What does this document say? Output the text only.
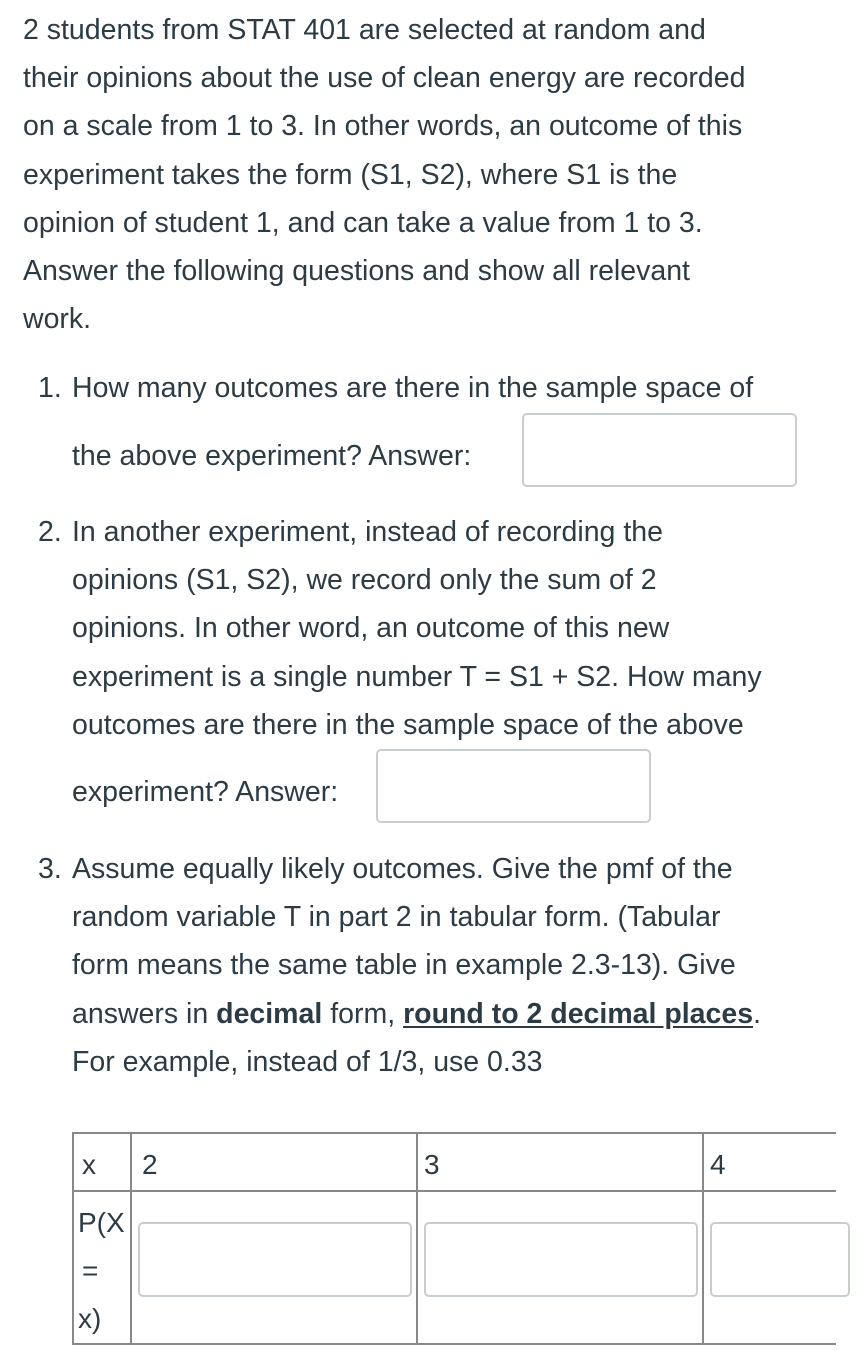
2 students from STAT 401 are selected at random and
their opinions about the use of clean energy are recorded
on a scale from 1 to 3. In other words, an outcome of this
experiment takes the form (S1, S2), where S1 is the
opinion of student 1, and can take a value from 1 to 3.
Answer the following questions and show all relevant
work.
1. How many outcomes are there in the sample space of
the above experiment? Answer:
2. In another experiment, instead of recording the
opinions (S1, S2), we record only the sum of 2
opinions. In other word, an outcome of this new
experiment is a single number T = S1 + S2. How many
outcomes are there in the sample space of the above
experiment? Answer:
3. Assume equally likely outcomes. Give the pmf of the
random variable T in part 2 in tabular form. (Tabular
form means the same table in example 2.3-13). Give
answers in decimal form, round to 2 decimal places.
For example, instead of 1/3, use 0.33
x 2	3	4
P(X
=
x)
